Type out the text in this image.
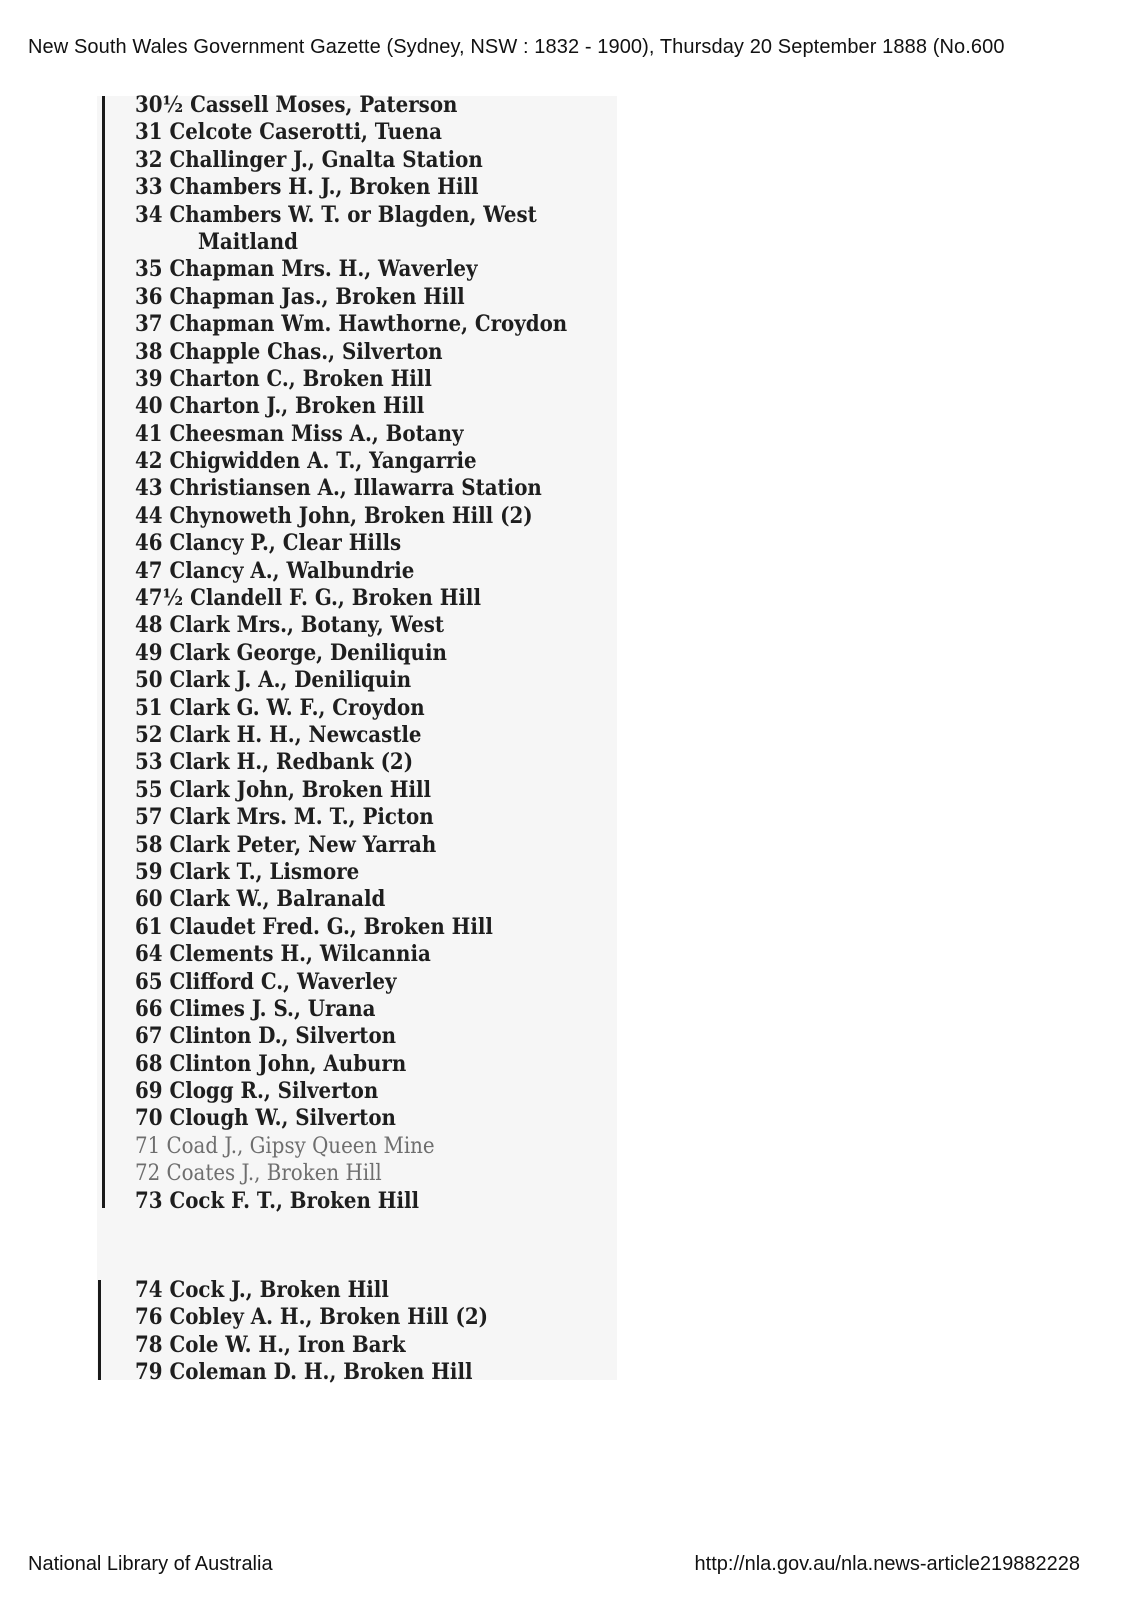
New South Wales Government Gazette (Sydney, NSW : 1832 - 1900), Thursday 20 September 1888 (No.600
30½ Cassell Moses, Paterson
31 Celcote Caserotti, Tuena
32 Challinger J., Gnalta Station
33 Chambers H. J., Broken Hill
34 Chambers W. T. or Blagden, West
Maitland
35 Chapman Mrs. H., Waverley
36 Chapman Jas., Broken Hill
37 Chapman Wm. Hawthorne, Croydon
38 Chapple Chas., Silverton
39 Charton C., Broken Hill
40 Charton J., Broken Hill
41 Cheesman Miss A., Botany
42 Chigwidden A. T., Yangarrie
43 Christiansen A., Illawarra Station
44 Chynoweth John, Broken Hill (2)
46 Clancy P., Clear Hills
47 Clancy A., Walbundrie
47½ Clandell F. G., Broken Hill
48 Clark Mrs., Botany, West
49 Clark George, Deniliquin
50 Clark J. A., Deniliquin
51 Clark G. W. F., Croydon
52 Clark H. H., Newcastle
53 Clark H., Redbank (2)
55 Clark John, Broken Hill
57 Clark Mrs. M. T., Picton
58 Clark Peter, New Yarrah
59 Clark T., Lismore
60 Clark W., Balranald
61 Claudet Fred. G., Broken Hill
64 Clements H., Wilcannia
65 Clifford C., Waverley
66 Climes J. S., Urana
67 Clinton D., Silverton
68 Clinton John, Auburn
69 Clogg R., Silverton
70 Clough W., Silverton
71 Coad J., Gipsy Queen Mine
72 Coates J., Broken Hill
73 Cock F. T., Broken Hill
74 Cock J., Broken Hill
76 Cobley A. H., Broken Hill (2)
78 Cole W. H., Iron Bark
79 Coleman D. H., Broken Hill
National Library of Australia	http://nla.gov.au/nla.news-article219882228
